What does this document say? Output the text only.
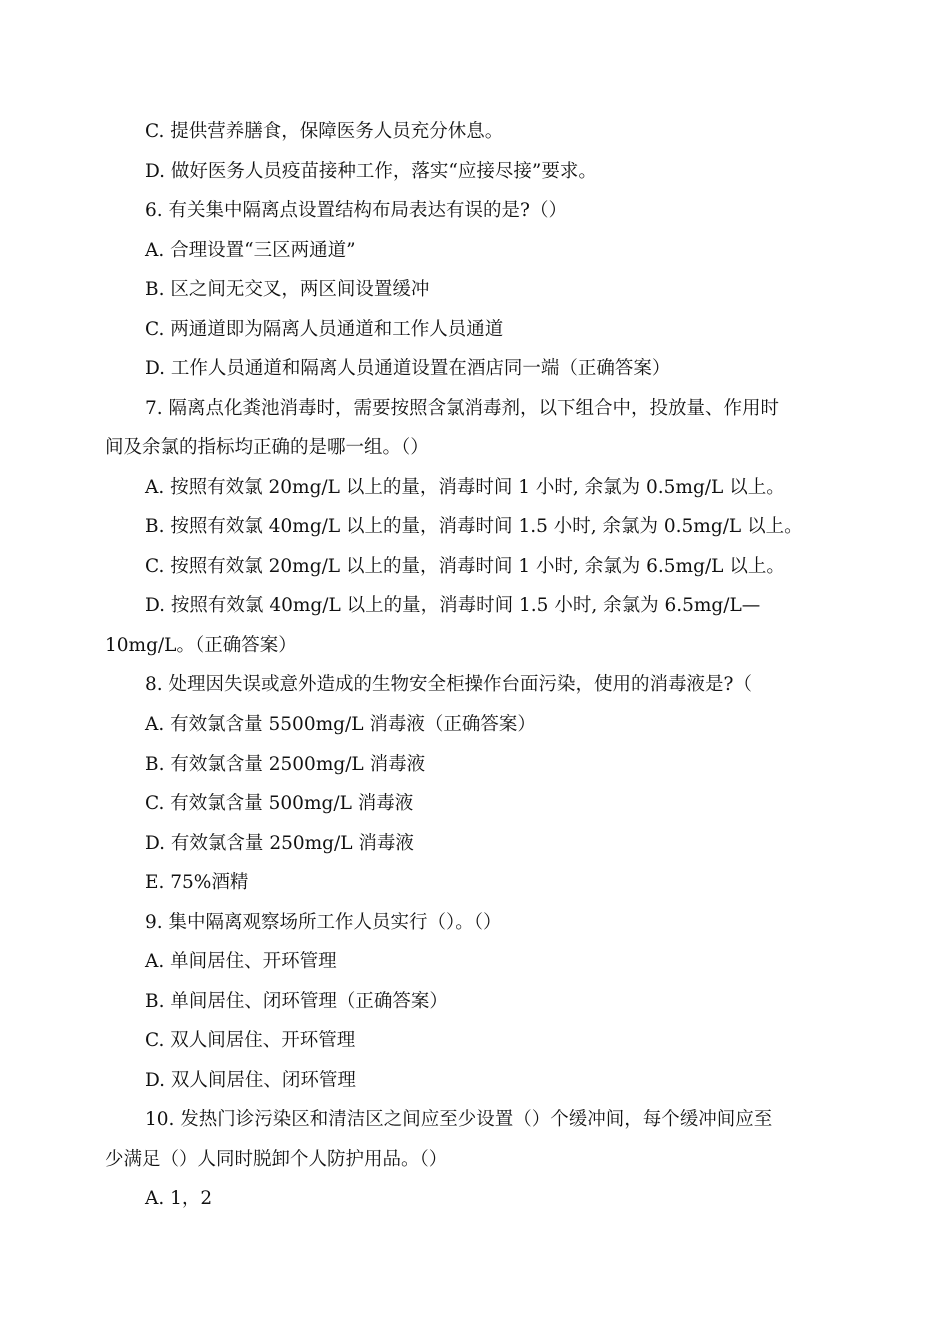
C. 提供营养膳食，保障医务人员充分休息。
D. 做好医务人员疫苗接种工作，落实“应接尽接”要求。
6. 有关集中隔离点设置结构布局表达有误的是?（）
A. 合理设置“三区两通道”
B. 区之间无交叉，两区间设置缓冲
C. 两通道即为隔离人员通道和工作人员通道
D. 工作人员通道和隔离人员通道设置在酒店同一端（正确答案）
7. 隔离点化粪池消毒时，需要按照含氯消毒剂，以下组合中，投放量、作用时
间及余氯的指标均正确的是哪一组。（）
A. 按照有效氯 20mg/L 以上的量，消毒时间 1 小时, 余氯为 0.5mg/L 以上。
B. 按照有效氯 40mg/L 以上的量，消毒时间 1.5 小时, 余氯为 0.5mg/L 以上。
C. 按照有效氯 20mg/L 以上的量，消毒时间 1 小时, 余氯为 6.5mg/L 以上。
D. 按照有效氯 40mg/L 以上的量，消毒时间 1.5 小时, 余氯为 6.5mg/L—
10mg/L。（正确答案）
8. 处理因失误或意外造成的生物安全柜操作台面污染，使用的消毒液是?（
A. 有效氯含量 5500mg/L 消毒液（正确答案）
B. 有效氯含量 2500mg/L 消毒液
C. 有效氯含量 500mg/L 消毒液
D. 有效氯含量 250mg/L 消毒液
E. 75%酒精
9. 集中隔离观察场所工作人员实行（）。（）
A. 单间居住、开环管理
B. 单间居住、闭环管理（正确答案）
C. 双人间居住、开环管理
D. 双人间居住、闭环管理
10. 发热门诊污染区和清洁区之间应至少设置（）个缓冲间，每个缓冲间应至
少满足（）人同时脱卸个人防护用品。（）
A. 1，2
